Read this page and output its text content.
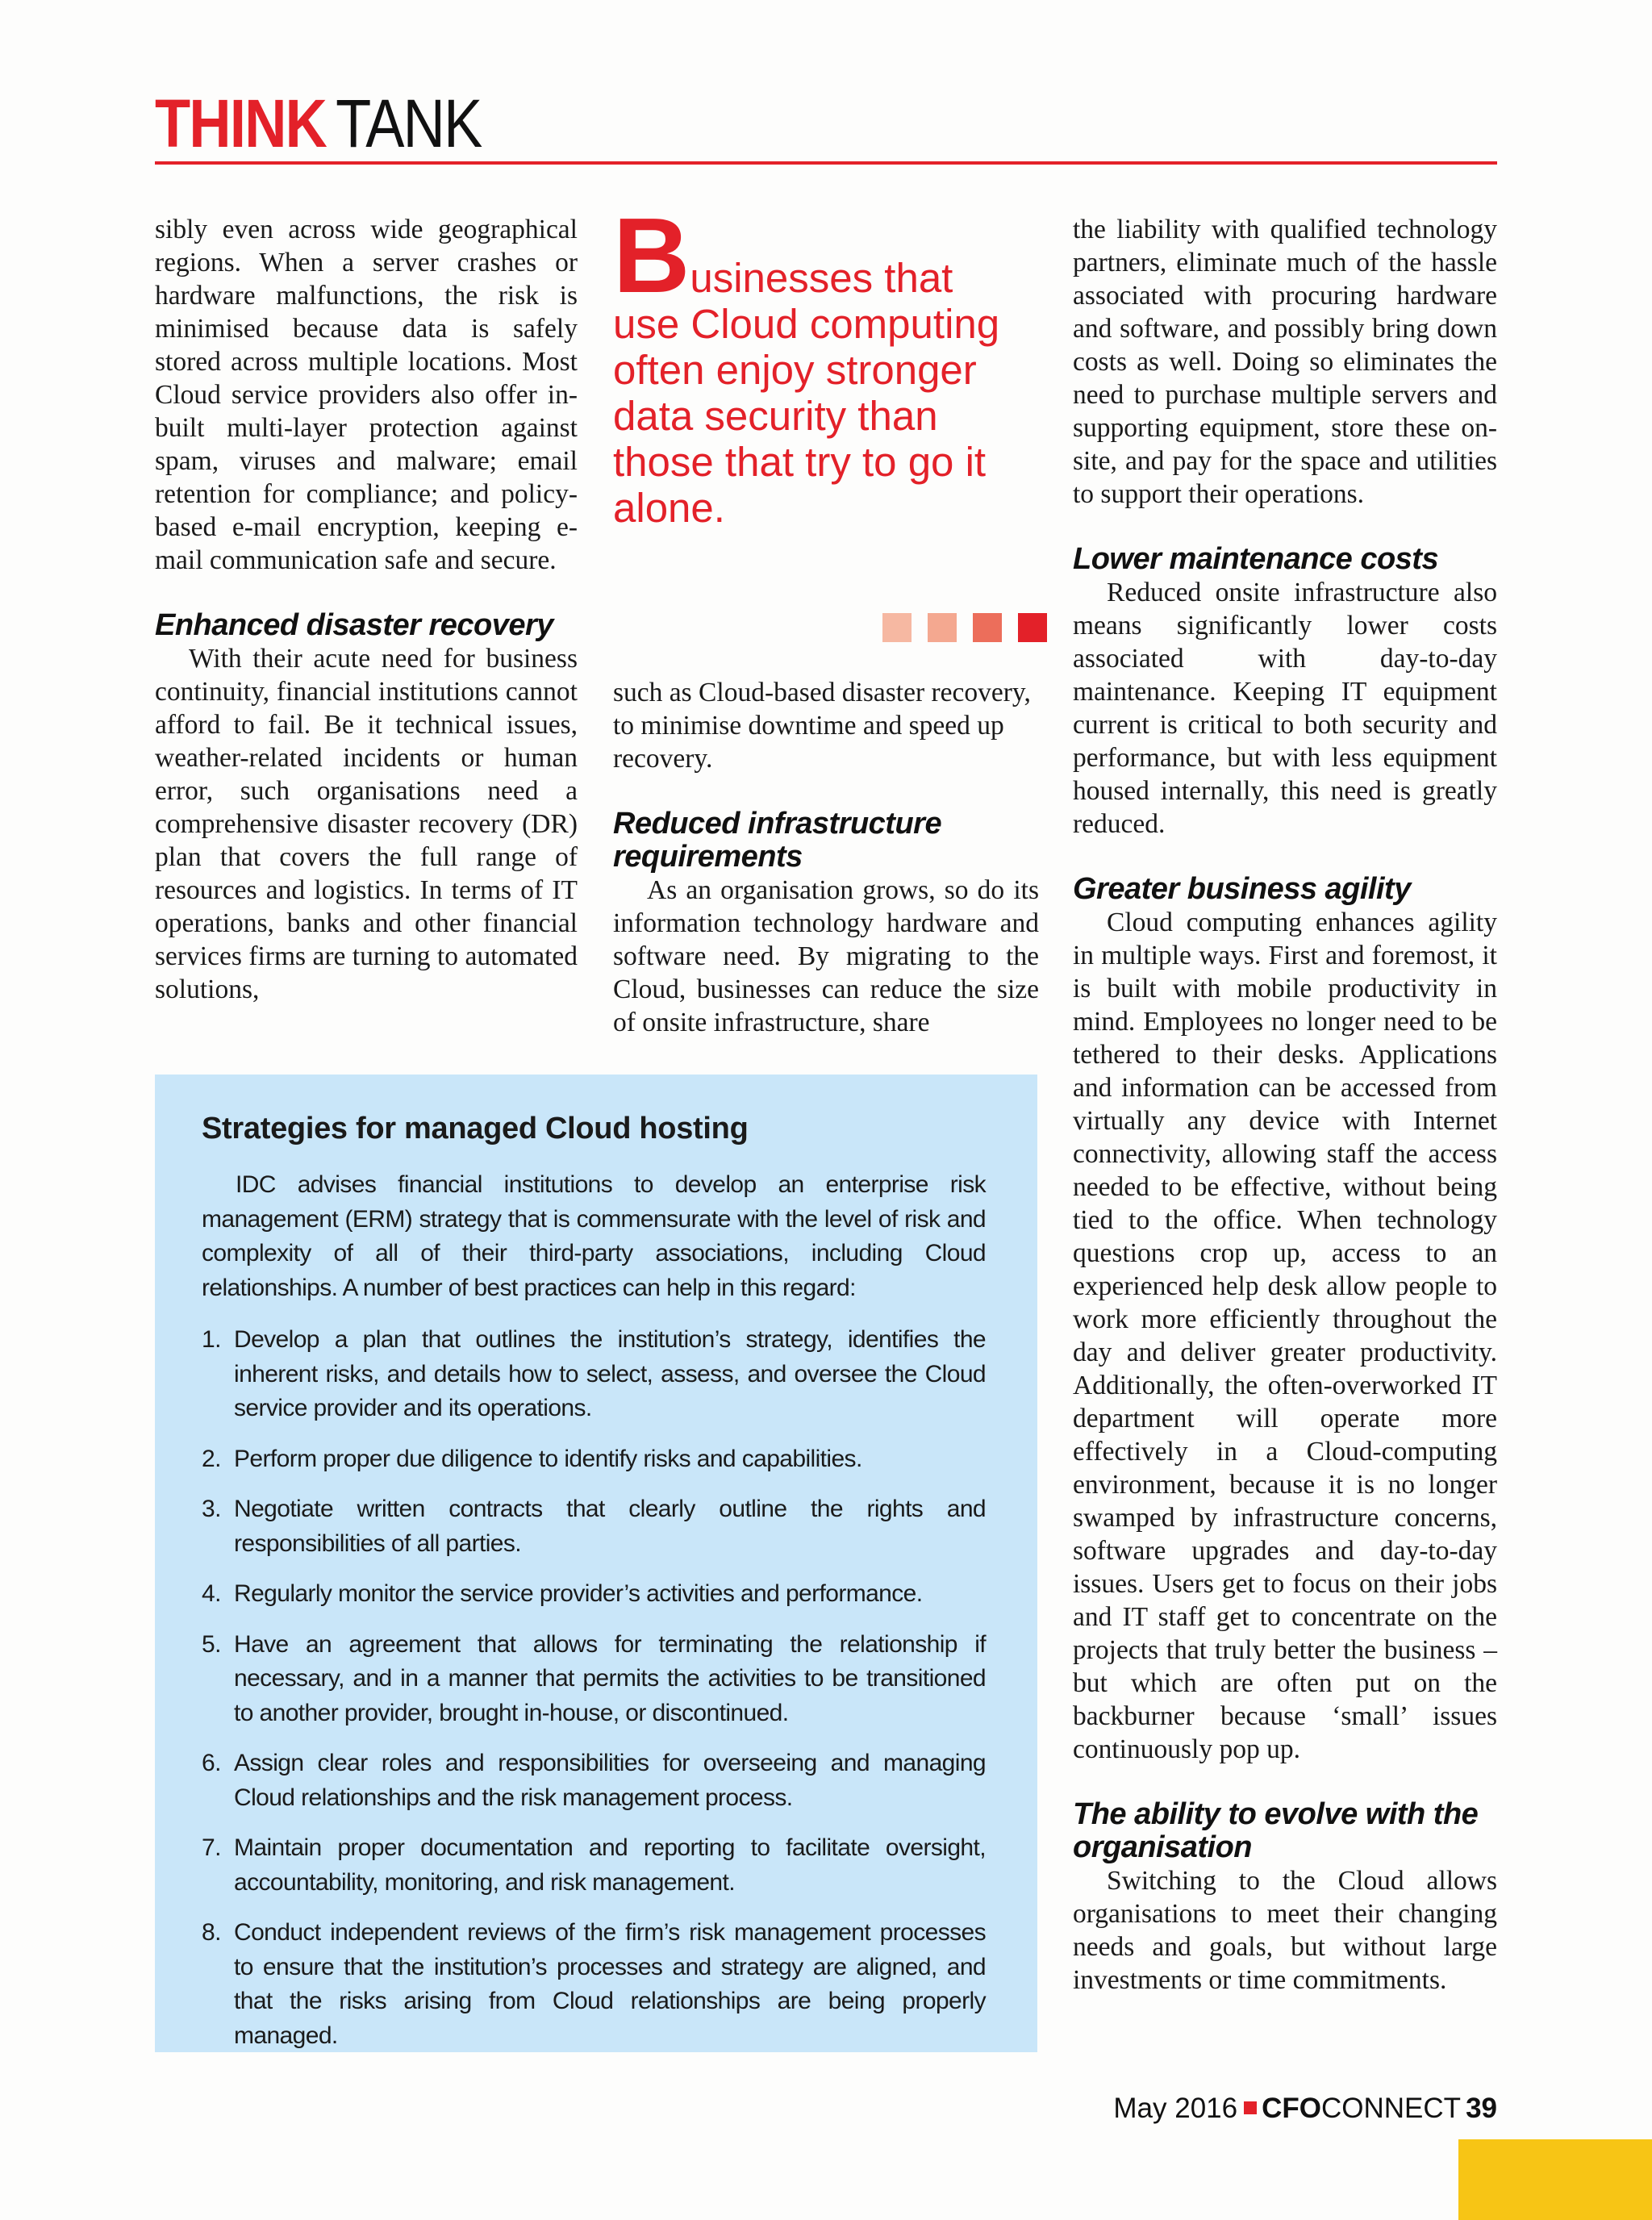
THINK TANK

sibly even across wide geographical regions. When a server crashes or hardware malfunctions, the risk is minimised because data is safely stored across multiple locations. Most Cloud service providers also offer in-built multi-layer protection against spam, viruses and malware; email retention for compliance; and policy-based e-mail encryption, keeping e-mail communication safe and secure.

Enhanced disaster recovery

With their acute need for business continuity, financial institutions cannot afford to fail. Be it technical issues, weather-related incidents or human error, such organisations need a comprehensive disaster recovery (DR) plan that covers the full range of resources and logistics. In terms of IT operations, banks and other financial services firms are turning to automated solutions,

Businesses that use Cloud computing often enjoy stronger data security than those that try to go it alone.

such as Cloud-based disaster recovery, to minimise downtime and speed up recovery.

Reduced infrastructure requirements

As an organisation grows, so do its information technology hardware and software need. By migrating to the Cloud, businesses can reduce the size of onsite infrastructure, share

the liability with qualified technology partners, eliminate much of the hassle associated with procuring hardware and software, and possibly bring down costs as well. Doing so eliminates the need to purchase multiple servers and supporting equipment, store these on-site, and pay for the space and utilities to support their operations.

Lower maintenance costs

Reduced onsite infrastructure also means significantly lower costs associated with day-to-day maintenance. Keeping IT equipment current is critical to both security and performance, but with less equipment housed internally, this need is greatly reduced.

Greater business agility

Cloud computing enhances agility in multiple ways. First and foremost, it is built with mobile productivity in mind. Employees no longer need to be tethered to their desks. Applications and information can be accessed from virtually any device with Internet connectivity, allowing staff the access needed to be effective, without being tied to the office. When technology questions crop up, access to an experienced help desk allow people to work more efficiently throughout the day and deliver greater productivity. Additionally, the often-overworked IT department will operate more effectively in a Cloud-computing environment, because it is no longer swamped by infrastructure concerns, software upgrades and day-to-day issues. Users get to focus on their jobs and IT staff get to concentrate on the projects that truly better the business – but which are often put on the backburner because ‘small’ issues continuously pop up.

The ability to evolve with the organisation

Switching to the Cloud allows organisations to meet their changing needs and goals, but without large investments or time commitments.

Strategies for managed Cloud hosting

IDC advises financial institutions to develop an enterprise risk management (ERM) strategy that is commensurate with the level of risk and complexity of all of their third-party associations, including Cloud relationships. A number of best practices can help in this regard:

1. Develop a plan that outlines the institution’s strategy, identifies the inherent risks, and details how to select, assess, and oversee the Cloud service provider and its operations.
2. Perform proper due diligence to identify risks and capabilities.
3. Negotiate written contracts that clearly outline the rights and responsibilities of all parties.
4. Regularly monitor the service provider’s activities and performance.
5. Have an agreement that allows for terminating the relationship if necessary, and in a manner that permits the activities to be transitioned to another provider, brought in-house, or discontinued.
6. Assign clear roles and responsibilities for overseeing and managing Cloud relationships and the risk management process.
7. Maintain proper documentation and reporting to facilitate oversight, accountability, monitoring, and risk management.
8. Conduct independent reviews of the firm’s risk management processes to ensure that the institution’s processes and strategy are aligned, and that the risks arising from Cloud relationships are being properly managed.
May 2016 CFOCONNECT 39
